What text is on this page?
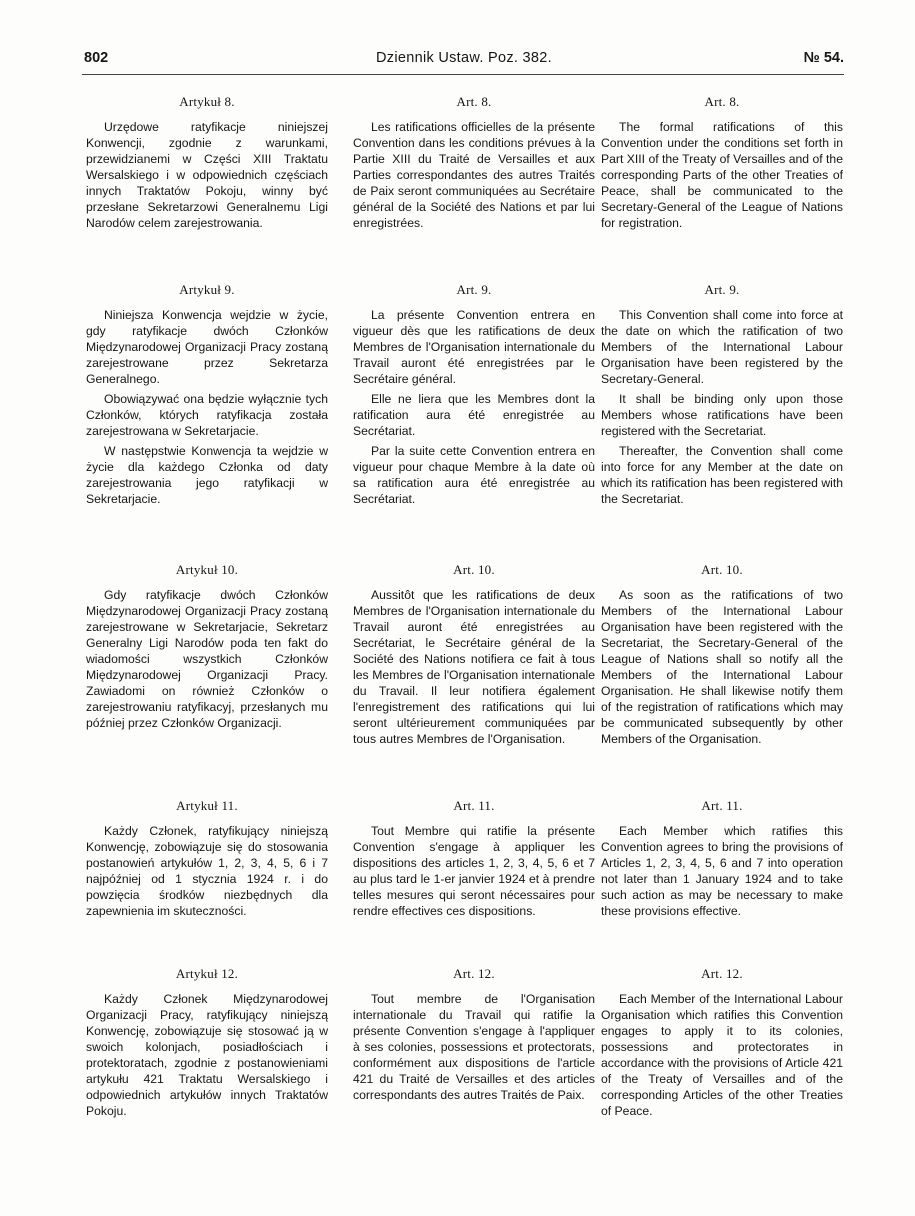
802	Dziennik Ustaw. Poz. 382.	№ 54.
Artykuł 8.

Urzędowe ratyfikacje niniejszej Konwencji, zgodnie z warunkami, przewidzianemi w Części XIII Traktatu Wersalskiego i w odpowiednich częściach innych Traktatów Pokoju, winny być przesłane Sekretarzowi Generalnemu Ligi Narodów celem zarejestrowania.

Artykuł 9.

Niniejsza Konwencja wejdzie w życie, gdy ratyfikacje dwóch Członków Międzynarodowej Organizacji Pracy zostaną zarejestrowane przez Sekretarza Generalnego.

Obowiązywać ona będzie wyłącznie tych Członków, których ratyfikacja została zarejestrowana w Sekretarjacie.

W następstwie Konwencja ta wejdzie w życie dla każdego Członka od daty zarejestrowania jego ratyfikacji w Sekretarjacie.

Artykuł 10.

Gdy ratyfikacje dwóch Członków Międzynarodowej Organizacji Pracy zostaną zarejestrowane w Sekretarjacie, Sekretarz Generalny Ligi Narodów poda ten fakt do wiadomości wszystkich Członków Międzynarodowej Organizacji Pracy. Zawiadomi on również Członków o zarejestrowaniu ratyfikacyj, przesłanych mu później przez Członków Organizacji.

Artykuł 11.

Każdy Członek, ratyfikujący niniejszą Konwencję, zobowiązuje się do stosowania postanowień artykułów 1, 2, 3, 4, 5, 6 i 7 najpóźniej od 1 stycznia 1924 r. i do powzięcia środków niezbędnych dla zapewnienia im skuteczności.

Artykuł 12.

Każdy Członek Międzynarodowej Organizacji Pracy, ratyfikujący niniejszą Konwencję, zobowiązuje się stosować ją w swoich kolonjach, posiadłościach i protektoratach, zgodnie z postanowieniami artykułu 421 Traktatu Wersalskiego i odpowiednich artykułów innych Traktatów Pokoju.

Art. 8.

Les ratifications officielles de la présente Convention dans les conditions prévues à la Partie XIII du Traité de Versailles et aux Parties correspondantes des autres Traités de Paix seront communiquées au Secrétaire général de la Société des Nations et par lui enregistrées.

Art. 9.

La présente Convention entrera en vigueur dès que les ratifications de deux Membres de l'Organisation internationale du Travail auront été enregistrées par le Secrétaire général.

Elle ne liera que les Membres dont la ratification aura été enregistrée au Secrétariat.

Par la suite cette Convention entrera en vigueur pour chaque Membre à la date où sa ratification aura été enregistrée au Secrétariat.

Art. 10.

Aussitôt que les ratifications de deux Membres de l'Organisation internationale du Travail auront été enregistrées au Secrétariat, le Secrétaire général de la Société des Nations notifiera ce fait à tous les Membres de l'Organisation internationale du Travail. Il leur notifiera également l'enregistrement des ratifications qui lui seront ultérieurement communiquées par tous autres Membres de l'Organisation.

Art. 11.

Tout Membre qui ratifie la présente Convention s'engage à appliquer les dispositions des articles 1, 2, 3, 4, 5, 6 et 7 au plus tard le 1-er janvier 1924 et à prendre telles mesures qui seront nécessaires pour rendre effectives ces dispositions.

Art. 12.

Tout membre de l'Organisation internationale du Travail qui ratifie la présente Convention s'engage à l'appliquer à ses colonies, possessions et protectorats, conformément aux dispositions de l'article 421 du Traité de Versailles et des articles correspondants des autres Traités de Paix.

Art. 8.

The formal ratifications of this Convention under the conditions set forth in Part XIII of the Treaty of Versailles and of the corresponding Parts of the other Treaties of Peace, shall be communicated to the Secretary-General of the League of Nations for registration.

Art. 9.

This Convention shall come into force at the date on which the ratification of two Members of the International Labour Organisation have been registered by the Secretary-General.

It shall be binding only upon those Members whose ratifications have been registered with the Secretariat.

Thereafter, the Convention shall come into force for any Member at the date on which its ratification has been registered with the Secretariat.

Art. 10.

As soon as the ratifications of two Members of the International Labour Organisation have been registered with the Secretariat, the Secretary-General of the League of Nations shall so notify all the Members of the International Labour Organisation. He shall likewise notify them of the registration of ratifications which may be communicated subsequently by other Members of the Organisation.

Art. 11.

Each Member which ratifies this Convention agrees to bring the provisions of Articles 1, 2, 3, 4, 5, 6 and 7 into operation not later than 1 January 1924 and to take such action as may be necessary to make these provisions effective.

Art. 12.

Each Member of the International Labour Organisation which ratifies this Convention engages to apply it to its colonies, possessions and protectorates in accordance with the provisions of Article 421 of the Treaty of Versailles and of the corresponding Articles of the other Treaties of Peace.
